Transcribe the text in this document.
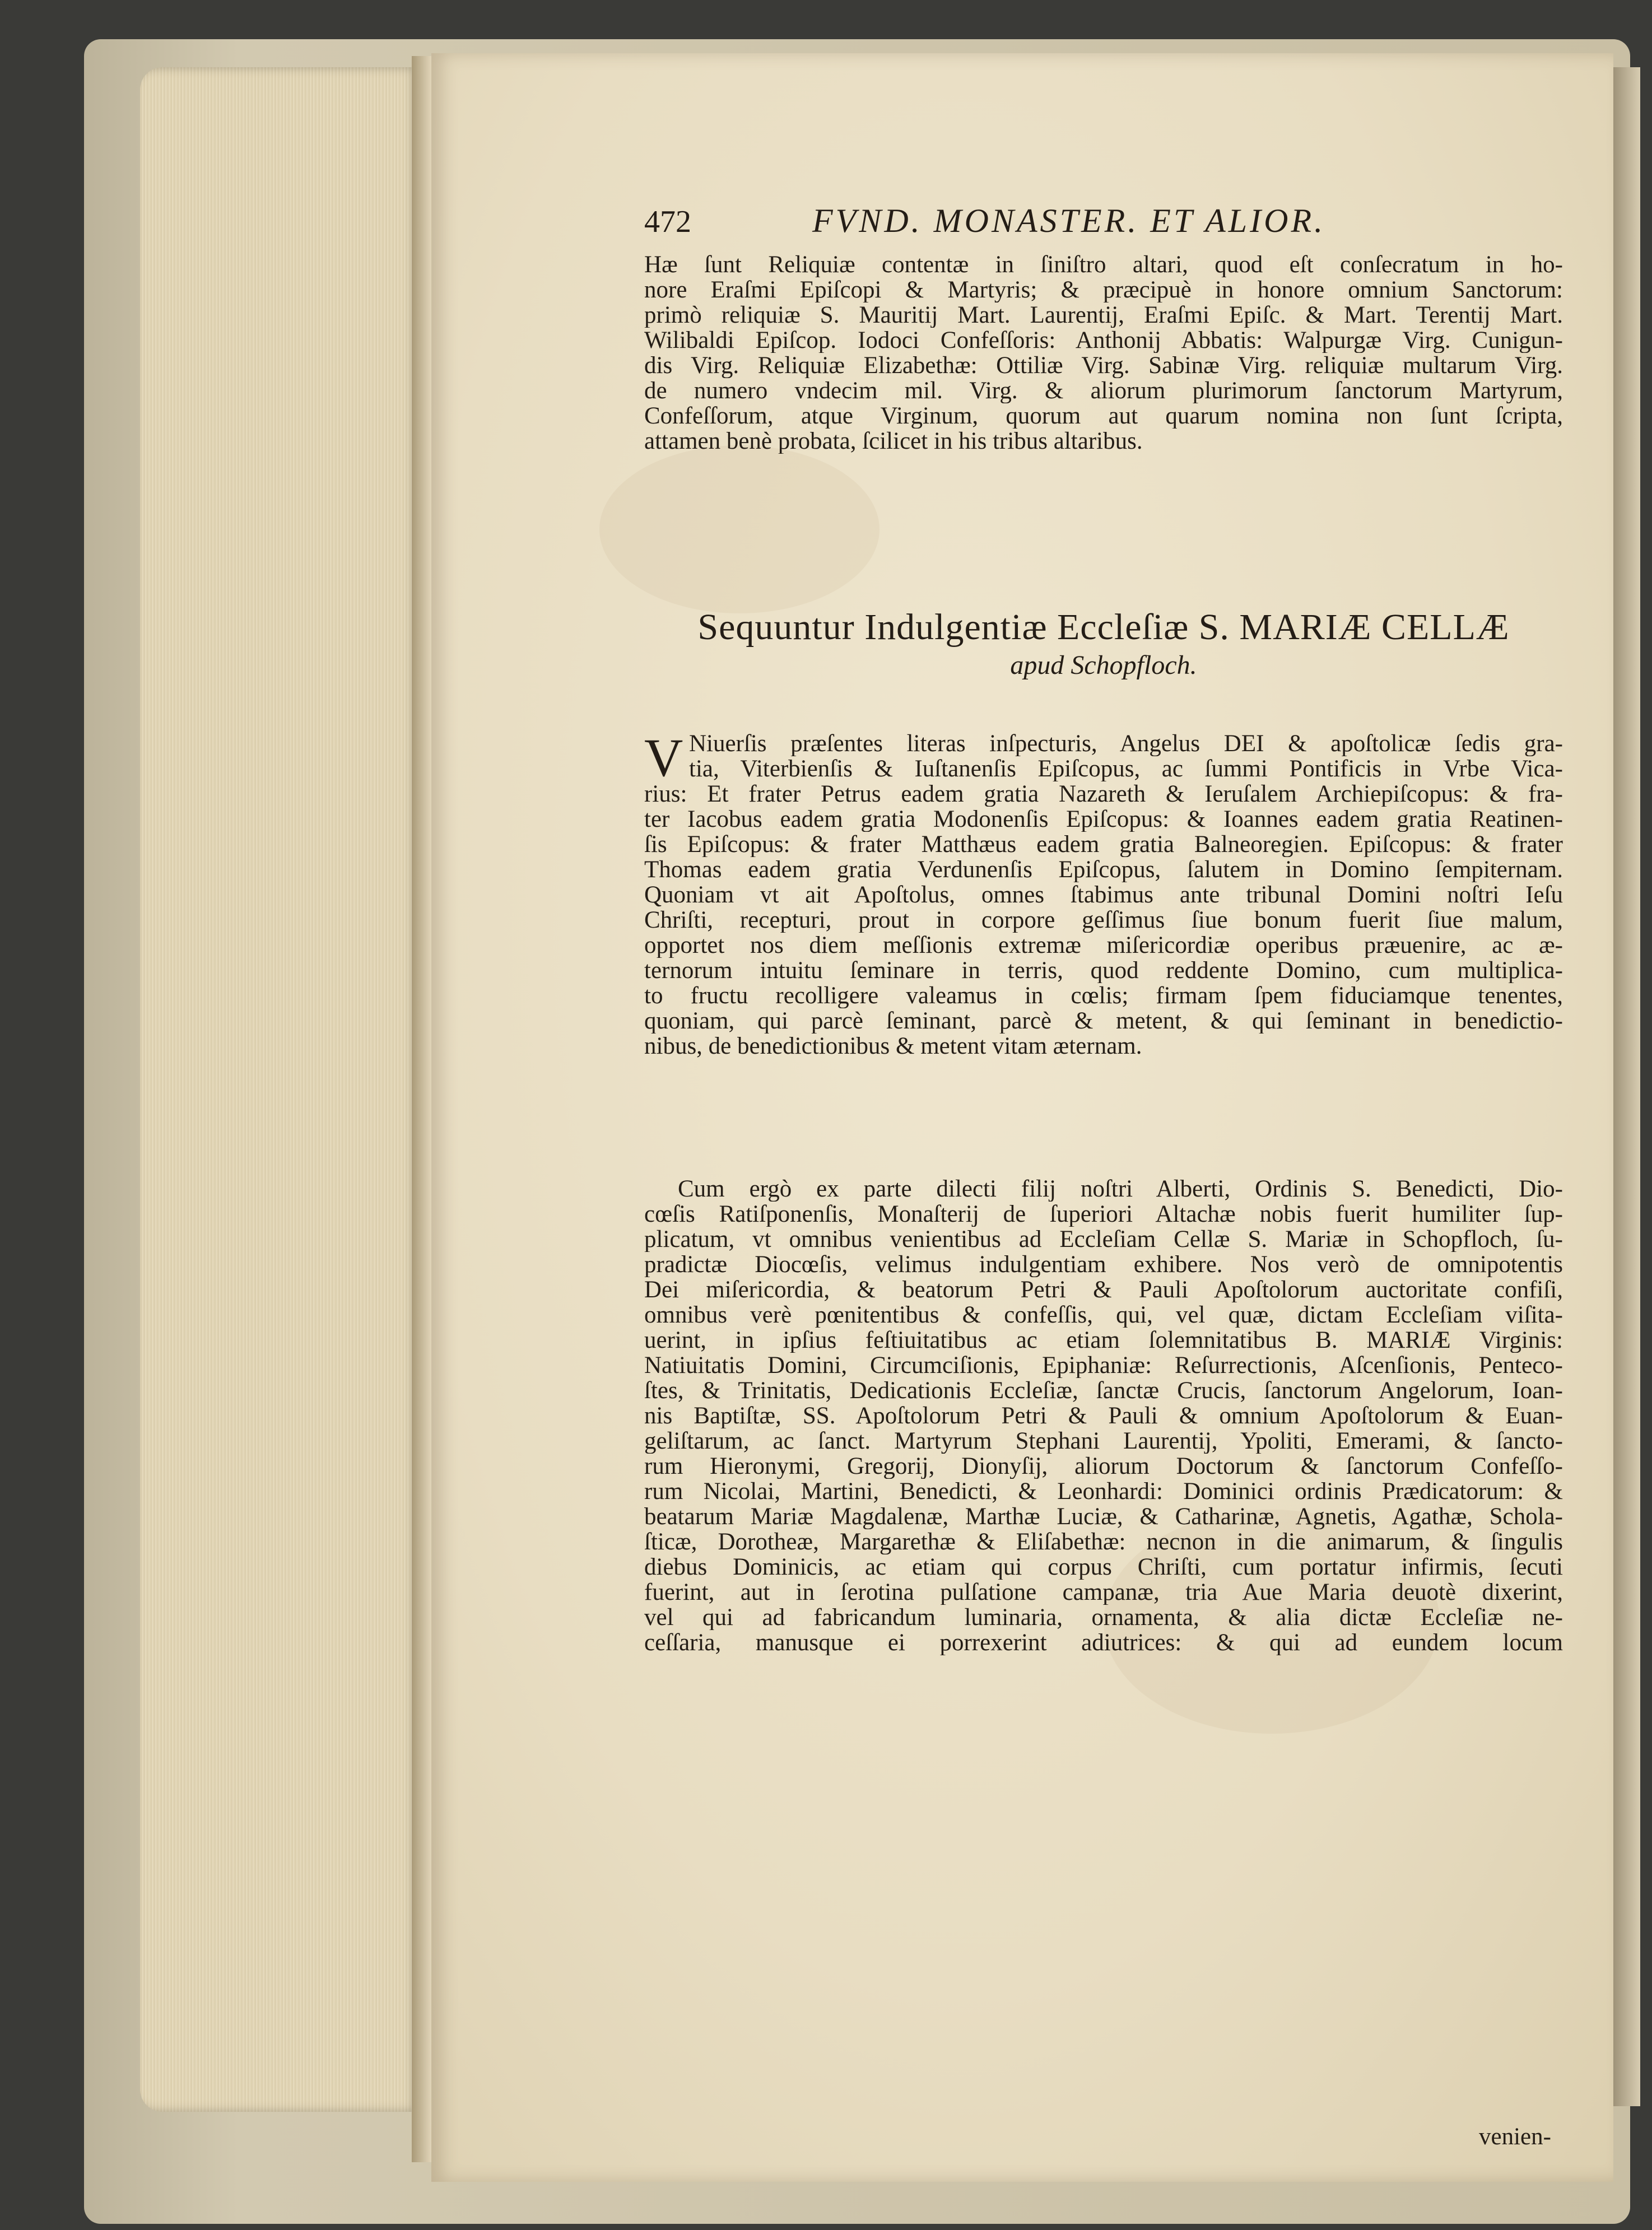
472	FVND. MONASTER. ET ALIOR.
Hæ ſunt Reliquiæ contentæ in ſiniſtro altari, quod eſt conſecratum in ho-
nore Eraſmi Epiſcopi & Martyris; & præcipuè in honore omnium Sanctorum:
primò reliquiæ S. Mauritij Mart. Laurentij, Eraſmi Epiſc. & Mart. Terentij Mart.
Wilibaldi Epiſcop. Iodoci Confeſſoris: Anthonij Abbatis: Walpurgæ Virg. Cunigun-
dis Virg. Reliquiæ Elizabethæ: Ottiliæ Virg. Sabinæ Virg. reliquiæ multarum Virg.
de numero vndecim mil. Virg. & aliorum plurimorum ſanctorum Martyrum,
Confeſſorum, atque Virginum, quorum aut quarum nomina non ſunt ſcripta,
attamen benè probata, ſcilicet in his tribus altaribus.
Sequuntur Indulgentiæ Eccleſiæ S. MARIÆ CELLÆ
apud Schopfloch.
V Niuerſis præſentes literas inſpecturis, Angelus DEI & apoſtolicæ ſedis gra-
tia, Viterbienſis & Iuſtanenſis Epiſcopus, ac ſummi Pontificis in Vrbe Vica-
rius: Et frater Petrus eadem gratia Nazareth & Ieruſalem Archiepiſcopus: & fra-
ter Iacobus eadem gratia Modonenſis Epiſcopus: & Ioannes eadem gratia Reatinen-
ſis Epiſcopus: & frater Matthæus eadem gratia Balneoregien. Epiſcopus: & frater
Thomas eadem gratia Verdunenſis Epiſcopus, ſalutem in Domino ſempiternam.
Quoniam vt ait Apoſtolus, omnes ſtabimus ante tribunal Domini noſtri Ieſu
Chriſti, recepturi, prout in corpore geſſimus ſiue bonum fuerit ſiue malum,
opportet nos diem meſſionis extremæ miſericordiæ operibus præuenire, ac æ-
ternorum intuitu ſeminare in terris, quod reddente Domino, cum multiplica-
to fructu recolligere valeamus in cœlis; firmam ſpem fiduciamque tenentes,
quoniam, qui parcè ſeminant, parcè & metent, & qui ſeminant in benedictio-
nibus, de benedictionibus & metent vitam æternam.
Cum ergò ex parte dilecti filij noſtri Alberti, Ordinis S. Benedicti, Dio-
cœſis Ratiſponenſis, Monaſterij de ſuperiori Altachæ nobis fuerit humiliter ſup-
plicatum, vt omnibus venientibus ad Eccleſiam Cellæ S. Mariæ in Schopfloch, ſu-
pradictæ Diocœſis, velimus indulgentiam exhibere. Nos verò de omnipotentis
Dei miſericordia, & beatorum Petri & Pauli Apoſtolorum auctoritate confiſi,
omnibus verè pœnitentibus & confeſſis, qui, vel quæ, dictam Eccleſiam viſita-
uerint, in ipſius feſtiuitatibus ac etiam ſolemnitatibus B. MARIÆ Virginis:
Natiuitatis Domini, Circumciſionis, Epiphaniæ: Reſurrectionis, Aſcenſionis, Penteco-
ſtes, & Trinitatis, Dedicationis Eccleſiæ, ſanctæ Crucis, ſanctorum Angelorum, Ioan-
nis Baptiſtæ, SS. Apoſtolorum Petri & Pauli & omnium Apoſtolorum & Euan-
geliſtarum, ac ſanct. Martyrum Stephani Laurentij, Ypoliti, Emerami, & ſancto-
rum Hieronymi, Gregorij, Dionyſij, aliorum Doctorum & ſanctorum Confeſſo-
rum Nicolai, Martini, Benedicti, & Leonhardi: Dominici ordinis Prædicatorum: &
beatarum Mariæ Magdalenæ, Marthæ Luciæ, & Catharinæ, Agnetis, Agathæ, Schola-
ſticæ, Dorotheæ, Margarethæ & Eliſabethæ: necnon in die animarum, & ſingulis
diebus Dominicis, ac etiam qui corpus Chriſti, cum portatur infirmis, ſecuti
fuerint, aut in ſerotina pulſatione campanæ, tria Aue Maria deuotè dixerint,
vel qui ad fabricandum luminaria, ornamenta, & alia dictæ Eccleſiæ ne-
ceſſaria, manusque ei porrexerint adiutrices: & qui ad eundem locum
venien-
